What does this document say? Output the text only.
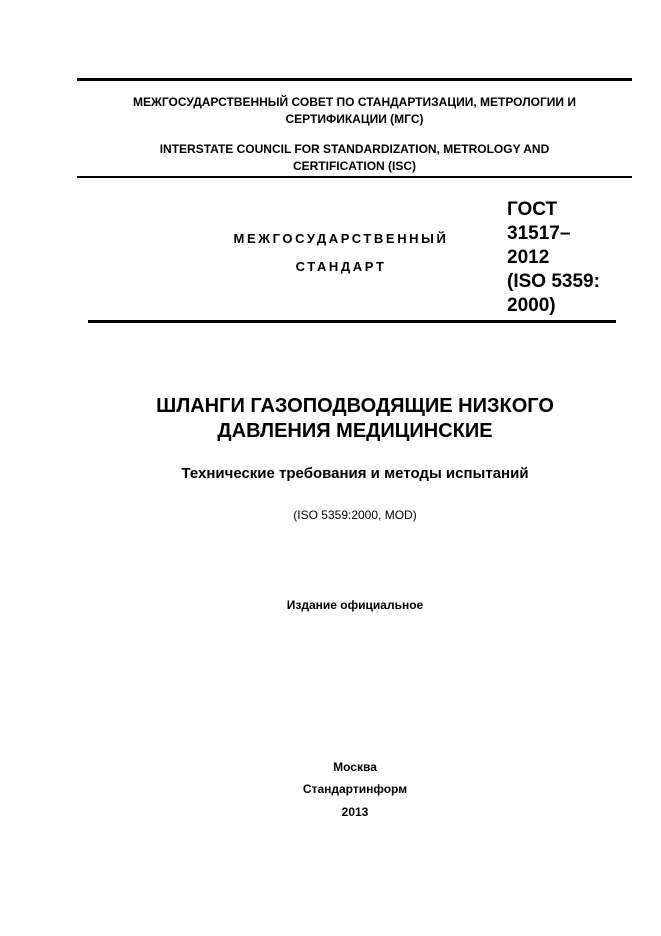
МЕЖГОСУДАРСТВЕННЫЙ СОВЕТ ПО СТАНДАРТИЗАЦИИ, МЕТРОЛОГИИ И
СЕРТИФИКАЦИИ (МГС)
INTERSTATE COUNCIL FOR STANDARDIZATION, METROLOGY AND
CERTIFICATION (ISC)
МЕЖГОСУДАРСТВЕННЫЙ
СТАНДАРТ
ГОСТ
31517–
2012
(ISO 5359:
2000)
ШЛАНГИ ГАЗОПОДВОДЯЩИЕ НИЗКОГО
ДАВЛЕНИЯ МЕДИЦИНСКИЕ
Технические требования и методы испытаний
(ISO 5359:2000, MOD)
Издание официальное
Москва
Стандартинформ
2013
